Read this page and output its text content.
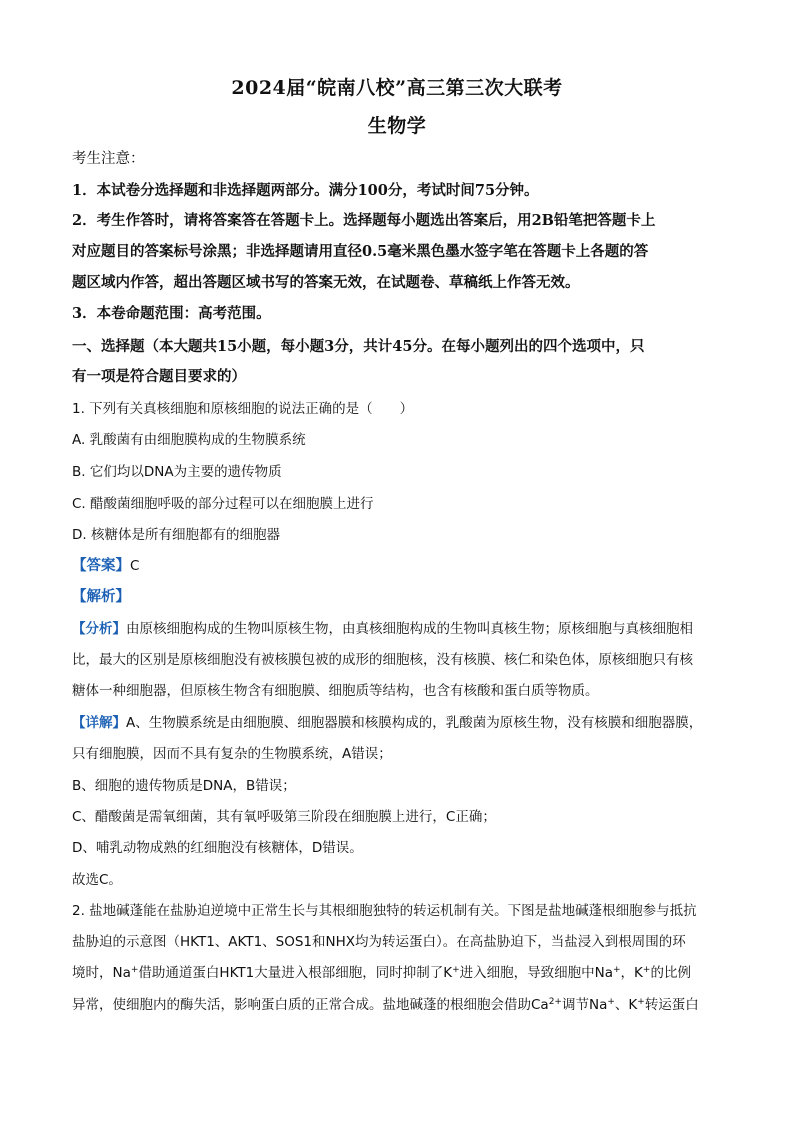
2024届“皖南八校”高三第三次大联考
生物学
考生注意：
1．本试卷分选择题和非选择题两部分。满分100分，考试时间75分钟。
2．考生作答时，请将答案答在答题卡上。选择题每小题选出答案后，用2B铅笔把答题卡上
对应题目的答案标号涂黑；非选择题请用直径0.5毫米黑色墨水签字笔在答题卡上各题的答
题区域内作答，超出答题区域书写的答案无效，在试题卷、草稿纸上作答无效。
3．本卷命题范围：高考范围。
一、选择题（本大题共15小题，每小题3分，共计45分。在每小题列出的四个选项中，只
有一项是符合题目要求的）
1. 下列有关真核细胞和原核细胞的说法正确的是（　　）
A. 乳酸菌有由细胞膜构成的生物膜系统
B. 它们均以DNA为主要的遗传物质
C. 醋酸菌细胞呼吸的部分过程可以在细胞膜上进行
D. 核糖体是所有细胞都有的细胞器
【答案】C
【解析】
【分析】由原核细胞构成的生物叫原核生物，由真核细胞构成的生物叫真核生物；原核细胞与真核细胞相
比，最大的区别是原核细胞没有被核膜包被的成形的细胞核，没有核膜、核仁和染色体，原核细胞只有核
糖体一种细胞器，但原核生物含有细胞膜、细胞质等结构，也含有核酸和蛋白质等物质。
【详解】A、生物膜系统是由细胞膜、细胞器膜和核膜构成的，乳酸菌为原核生物，没有核膜和细胞器膜，
只有细胞膜，因而不具有复杂的生物膜系统，A错误；
B、细胞的遗传物质是DNA，B错误；
C、醋酸菌是需氧细菌，其有氧呼吸第三阶段在细胞膜上进行，C正确；
D、哺乳动物成熟的红细胞没有核糖体，D错误。
故选C。
2. 盐地碱蓬能在盐胁迫逆境中正常生长与其根细胞独特的转运机制有关。下图是盐地碱蓬根细胞参与抵抗
盐胁迫的示意图（HKT1、AKT1、SOS1和NHX均为转运蛋白）。在高盐胁迫下，当盐浸入到根周围的环
境时，Na+借助通道蛋白HKT1大量进入根部细胞，同时抑制了K+进入细胞，导致细胞中Na+，K+的比例
异常，使细胞内的酶失活，影响蛋白质的正常合成。盐地碱蓬的根细胞会借助$Ca^{2+}$调节Na+、K+转运蛋白
